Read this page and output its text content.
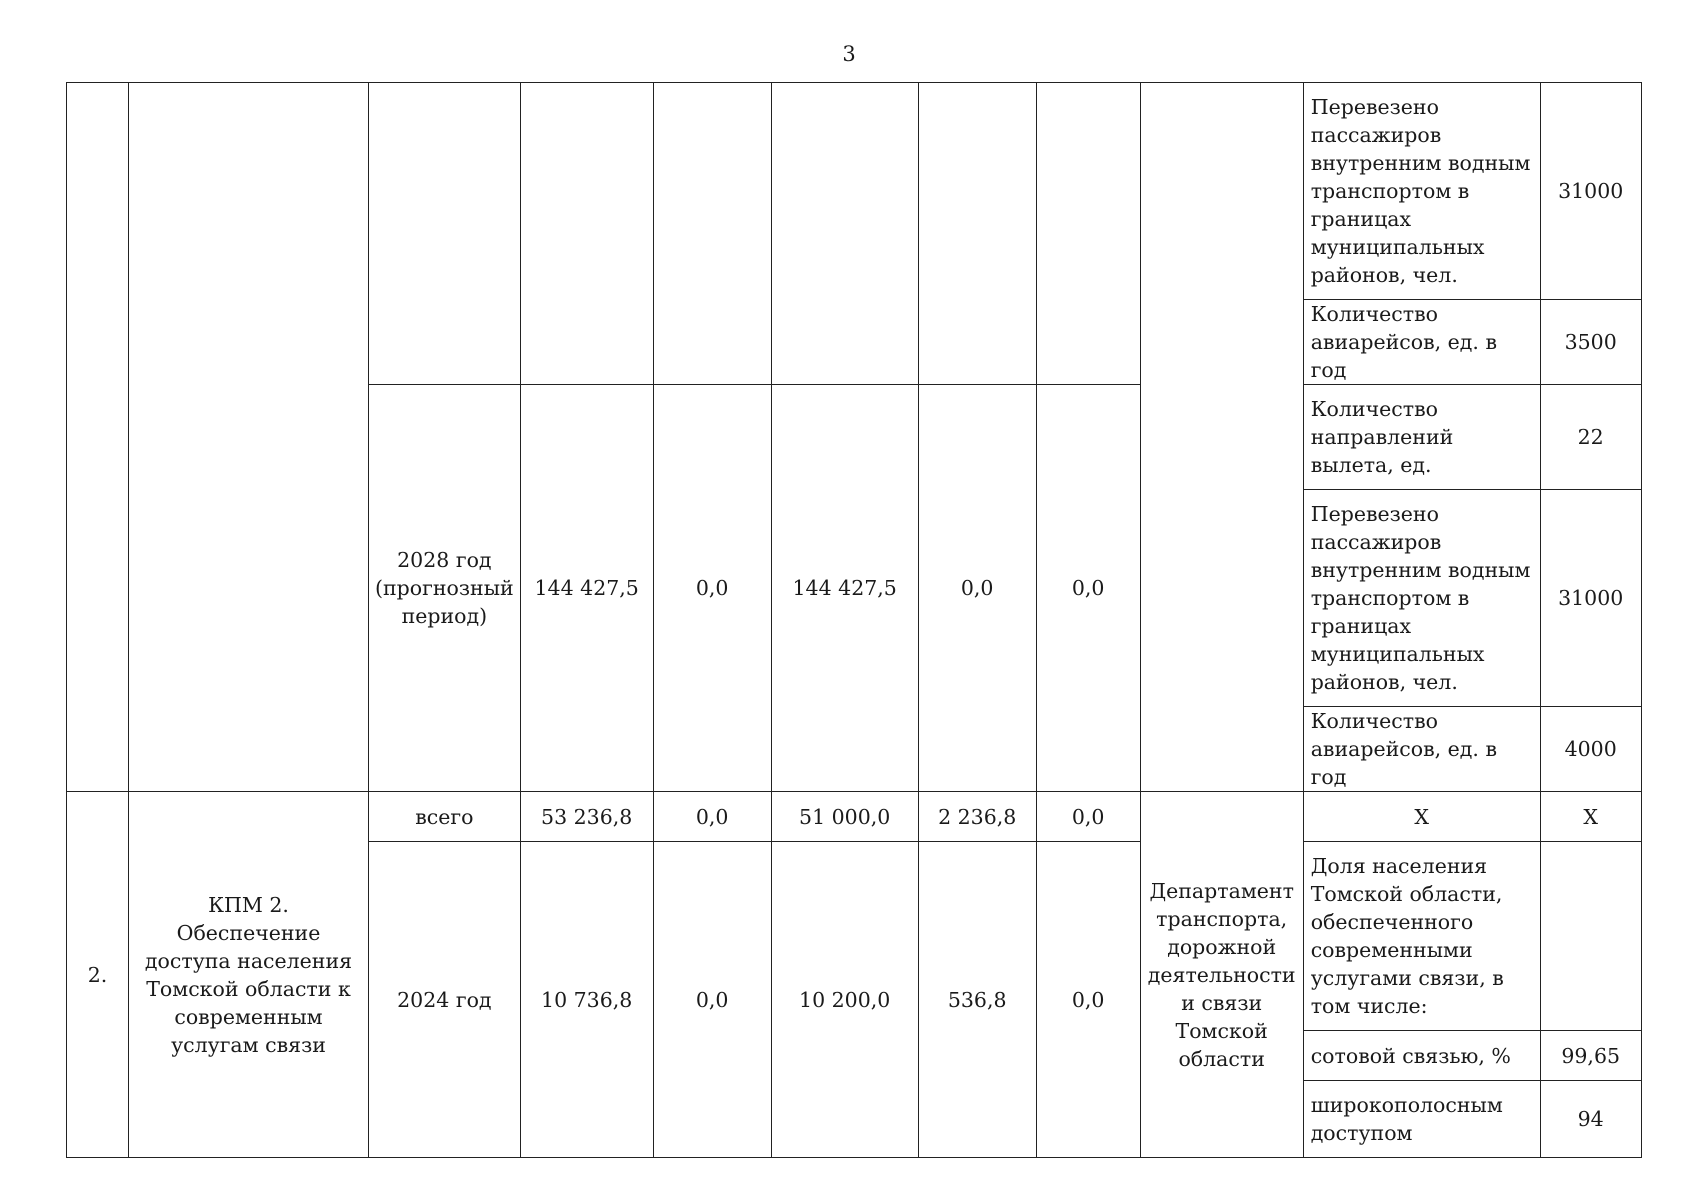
3
									Перевезено пассажиров внутренним водным транспортом в границах муниципальных районов, чел.	31000
									Количество авиарейсов, ед. в год	3500
		2028 год (прогнозный период)	144 427,5	0,0	144 427,5	0,0	0,0		Количество направлений вылета, ед.	22
									Перевезено пассажиров внутренним водным транспортом в границах муниципальных районов, чел.	31000
									Количество авиарейсов, ед. в год	4000
2.	КПМ 2. Обеспечение доступа населения Томской области к современным услугам связи	всего	53 236,8	0,0	51 000,0	2 236,8	0,0	Департамент транспорта, дорожной деятельности и связи Томской области	Х	Х
		2024 год	10 736,8	0,0	10 200,0	536,8	0,0		Доля населения Томской области, обеспеченного современными услугами связи, в том числе:	
									сотовой связью, %	99,65
									широкополосным доступом	94
